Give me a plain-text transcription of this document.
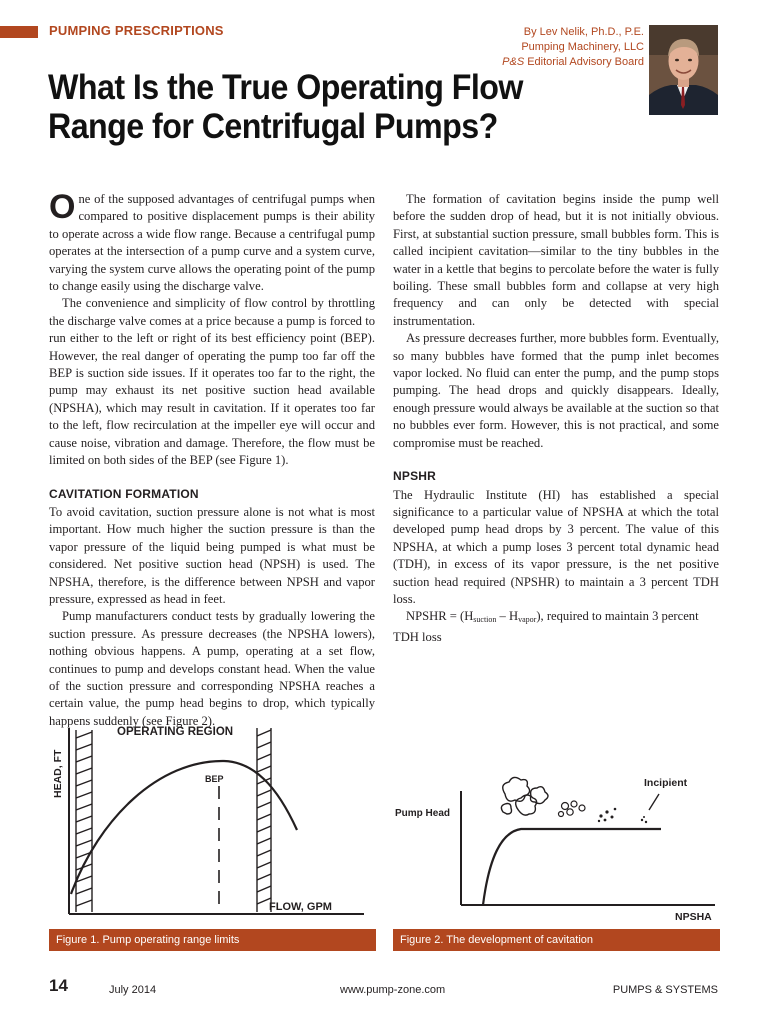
PUMPING PRESCRIPTIONS	By Lev Nelik, Ph.D., P.E.
Pumping Machinery, LLC
P&S Editorial Advisory Board
What Is the True Operating Flow Range for Centrifugal Pumps?

One of the supposed advantages of centrifugal pumps when compared to positive displacement pumps is their ability to operate across a wide flow range. Because a centrifugal pump operates at the intersection of a pump curve and a system curve, varying the system curve allows the operating point of the pump to change easily using the discharge valve.

The convenience and simplicity of flow control by throttling the discharge valve comes at a price because a pump is forced to run either to the left or right of its best efficiency point (BEP). However, the real danger of operating the pump too far off the BEP is suction side issues. If it operates too far to the right, the pump may exhaust its net positive suction head available (NPSHA), which may result in cavitation. If it operates too far to the left, flow recirculation at the impeller eye will occur and cause noise, vibration and damage. Therefore, the flow must be limited on both sides of the BEP (see Figure 1).

CAVITATION FORMATION

To avoid cavitation, suction pressure alone is not what is most important. How much higher the suction pressure is than the vapor pressure of the liquid being pumped is what must be considered. Net positive suction head (NPSH) is used. The NPSHA, therefore, is the difference between NPSH and vapor pressure, expressed as head in feet.

Pump manufacturers conduct tests by gradually lowering the suction pressure. As pressure decreases (the NPSHA lowers), nothing obvious happens. A pump, operating at a set flow, continues to pump and develops constant head. When the value of the suction pressure and corresponding NPSHA reaches a certain value, the pump head begins to drop, which typically happens suddenly (see Figure 2).

The formation of cavitation begins inside the pump well before the sudden drop of head, but it is not initially obvious. First, at substantial suction pressure, small bubbles form. This is called incipient cavitation—similar to the tiny bubbles in the water in a kettle that begins to percolate before the water is fully boiling. These small bubbles form and collapse at very high frequency and can only be detected with special instrumentation.

As pressure decreases further, more bubbles form. Eventually, so many bubbles have formed that the pump inlet becomes vapor locked. No fluid can enter the pump, and the pump stops pumping. The head drops and quickly disappears. Ideally, enough pressure would always be available at the suction so that no bubbles ever form. However, this is not practical, and some compromise must be reached.

NPSHR

The Hydraulic Institute (HI) has established a special significance to a particular value of NPSHA at which the total developed pump head drops by 3 percent. The value of this NPSHA, at which a pump loses 3 percent total dynamic head (TDH), in excess of its vapor pressure, is the net positive suction head required (NPSHR) to maintain a 3 percent TDH loss.

NPSHR = $(H_{suction} - H_{vapor})$, required to maintain 3 percent TDH loss

OPERATING REGION
BEP
HEAD, FT
FLOW, GPM
Figure 1. Pump operating range limits
Incipient
Pump Head
NPSHA
Figure 2. The development of cavitation
14	July 2014	www.pump-zone.com	PUMPS & SYSTEMS
